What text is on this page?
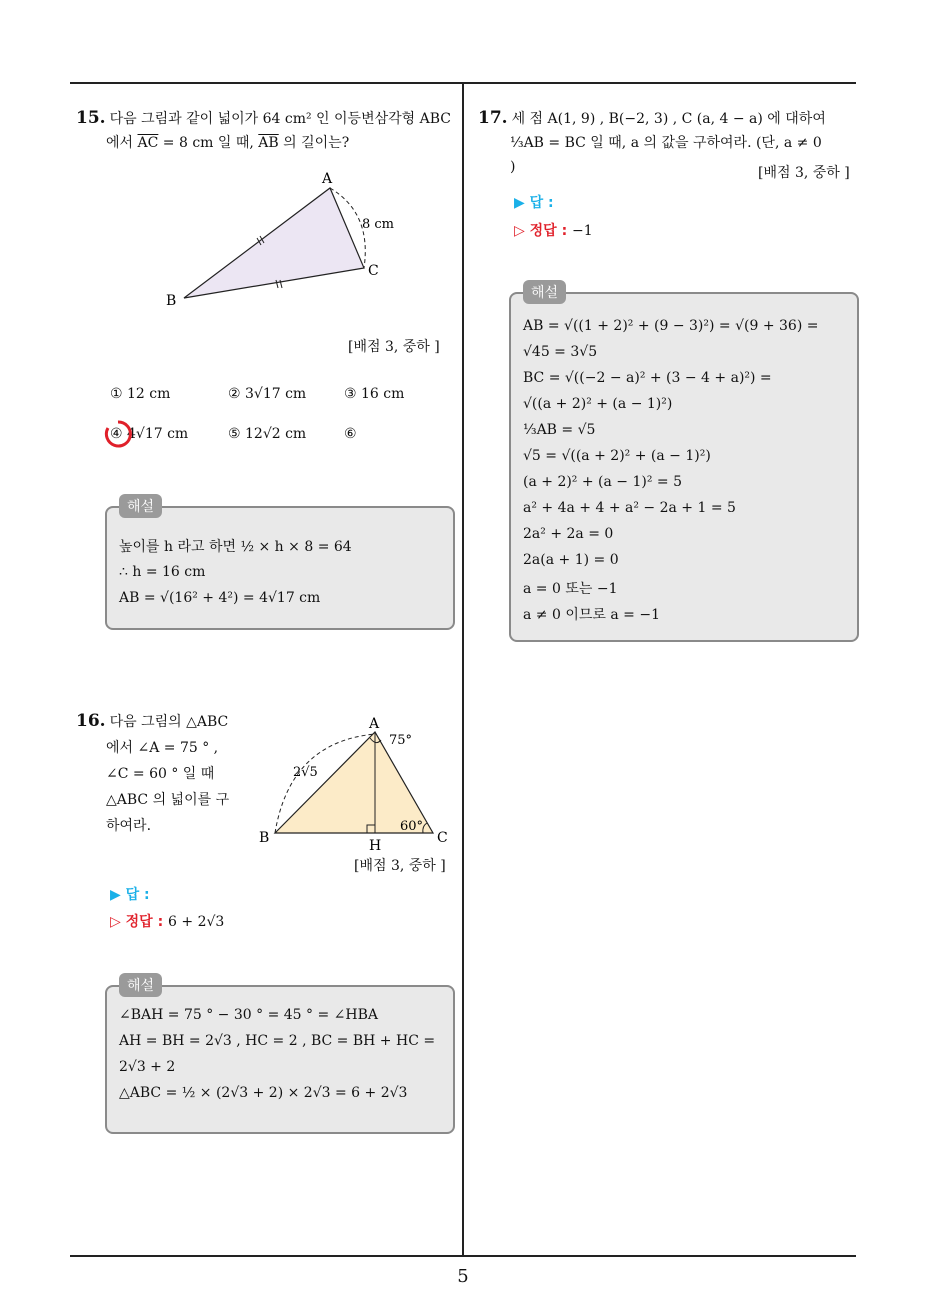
15. 다음 그림과 같이 넓이가 64 cm² 인 이등변삼각형 ABC
에서 $\overline{AC} = 8$ cm 일 때, $\overline{AB}$ 의 길이는?
A
B
C
8 cm
[배점 3, 중하 ]
① 12 cm	② 3√17 cm	③ 16 cm
④ 4√17 cm	⑤ 12√2 cm	⑥
해설
높이를 h 라고 하면 ½ × h × 8 = 64
∴ h = 16 cm
AB = √(16² + 4²) = 4√17 cm
16. 다음 그림의 △ABC
에서 ∠A = 75 ° ,
∠C = 60 ° 일 때
△ABC 의 넓이를 구
하여라.
A
B	C
H
75°
60°
2√5
[배점 3, 중하 ]
▶ 답 :
▷ 정답 : 6 + 2√3
해설
∠BAH = 75 ° − 30 ° = 45 ° = ∠HBA
AH = BH = 2√3 , HC = 2 , BC = BH + HC =
2√3 + 2
△ABC = ½ × (2√3 + 2) × 2√3 = 6 + 2√3
17. 세 점 A(1, 9) , B(−2, 3) , C (a, 4 − a) 에 대하여
⅓AB = BC 일 때, a 의 값을 구하여라. (단, a ≠ 0
)	[배점 3, 중하 ]
▶ 답 :
▷ 정답 : −1
해설
AB = √((1 + 2)² + (9 − 3)²) = √(9 + 36) =
√45 = 3√5
BC = √((−2 − a)² + (3 − 4 + a)²) =
√((a + 2)² + (a − 1)²)
⅓AB = √5
√5 = √((a + 2)² + (a − 1)²)
(a + 2)² + (a − 1)² = 5
a² + 4a + 4 + a² − 2a + 1 = 5
2a² + 2a = 0
2a(a + 1) = 0
a = 0 또는 −1
a ≠ 0 이므로 a = −1
5
